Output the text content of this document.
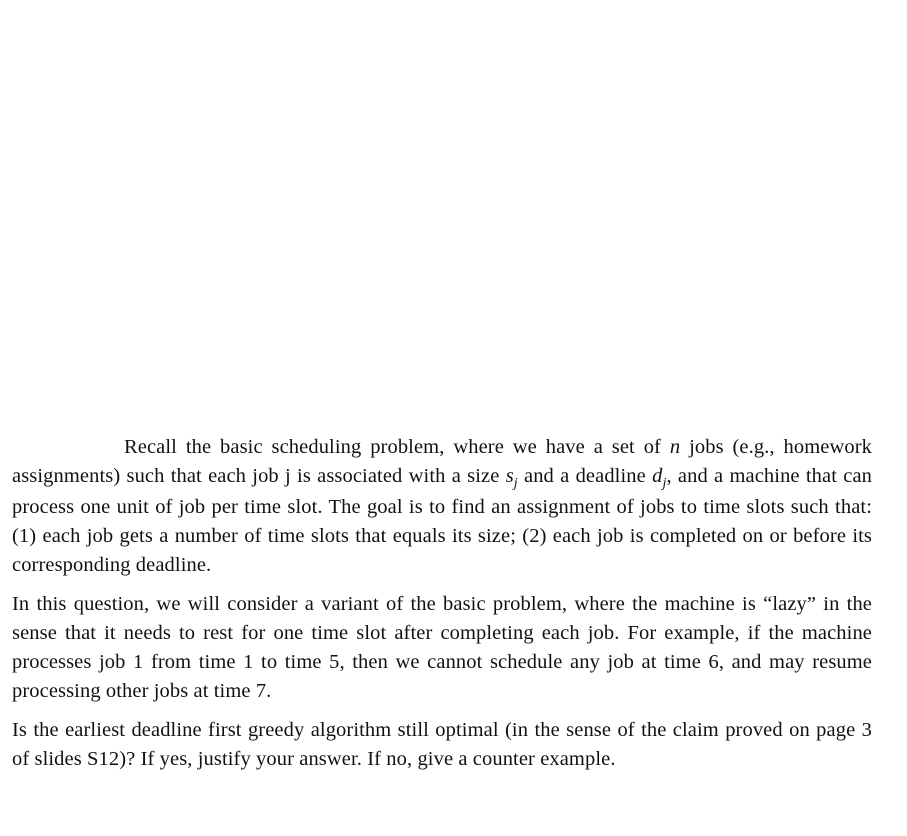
Recall the basic scheduling problem, where we have a set of n jobs (e.g., homework assignments) such that each job j is associated with a size $s_j$ and a deadline $d_j$, and a machine that can process one unit of job per time slot. The goal is to find an assignment of jobs to time slots such that: (1) each job gets a number of time slots that equals its size; (2) each job is completed on or before its corresponding deadline.

In this question, we will consider a variant of the basic problem, where the machine is “lazy” in the sense that it needs to rest for one time slot after completing each job. For example, if the machine processes job 1 from time 1 to time 5, then we cannot schedule any job at time 6, and may resume processing other jobs at time 7.

Is the earliest deadline first greedy algorithm still optimal (in the sense of the claim proved on page 3 of slides S12)? If yes, justify your answer. If no, give a counter example.
